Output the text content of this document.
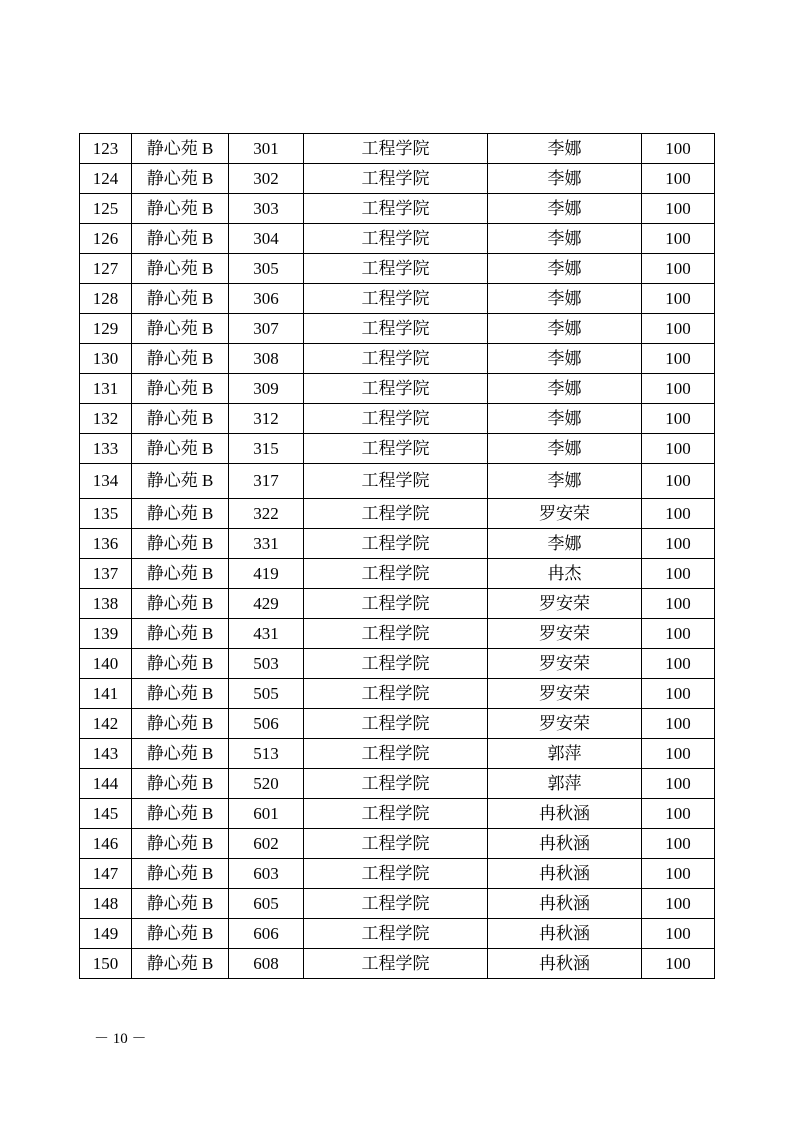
123	静心苑 B	301	工程学院	李娜	100
124	静心苑 B	302	工程学院	李娜	100
125	静心苑 B	303	工程学院	李娜	100
126	静心苑 B	304	工程学院	李娜	100
127	静心苑 B	305	工程学院	李娜	100
128	静心苑 B	306	工程学院	李娜	100
129	静心苑 B	307	工程学院	李娜	100
130	静心苑 B	308	工程学院	李娜	100
131	静心苑 B	309	工程学院	李娜	100
132	静心苑 B	312	工程学院	李娜	100
133	静心苑 B	315	工程学院	李娜	100
134	静心苑 B	317	工程学院	李娜	100
135	静心苑 B	322	工程学院	罗安荣	100
136	静心苑 B	331	工程学院	李娜	100
137	静心苑 B	419	工程学院	冉杰	100
138	静心苑 B	429	工程学院	罗安荣	100
139	静心苑 B	431	工程学院	罗安荣	100
140	静心苑 B	503	工程学院	罗安荣	100
141	静心苑 B	505	工程学院	罗安荣	100
142	静心苑 B	506	工程学院	罗安荣	100
143	静心苑 B	513	工程学院	郭萍	100
144	静心苑 B	520	工程学院	郭萍	100
145	静心苑 B	601	工程学院	冉秋涵	100
146	静心苑 B	602	工程学院	冉秋涵	100
147	静心苑 B	603	工程学院	冉秋涵	100
148	静心苑 B	605	工程学院	冉秋涵	100
149	静心苑 B	606	工程学院	冉秋涵	100
150	静心苑 B	608	工程学院	冉秋涵	100
－ 10 －
